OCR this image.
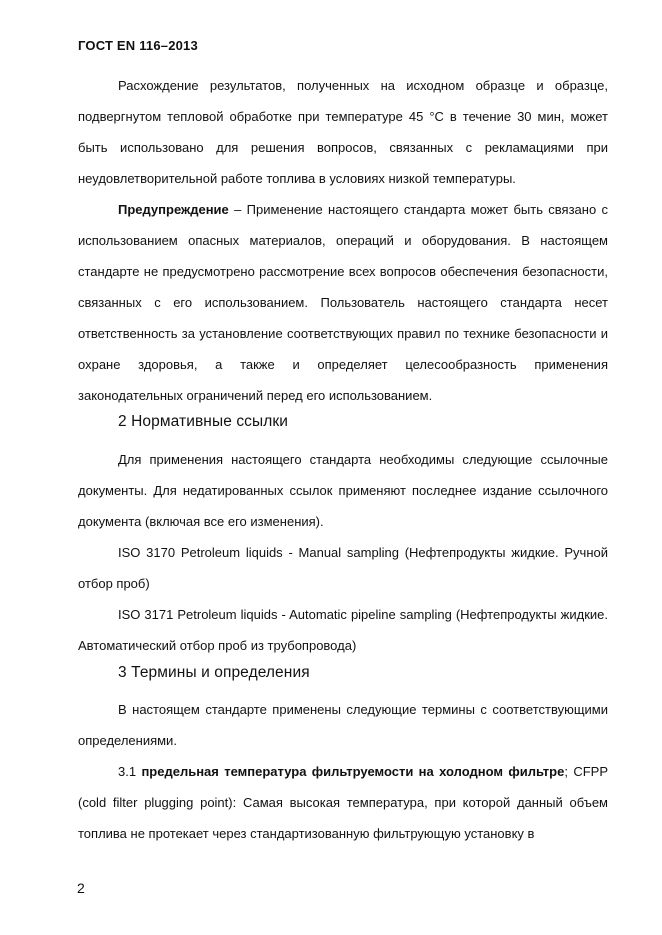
ГОСТ EN 116–2013

Расхождение результатов, полученных на исходном образце и образце, подвергнутом тепловой обработке при температуре 45 °С в течение 30 мин, может быть использовано для решения вопросов, связанных с рекламациями при неудовлетворительной работе топлива в условиях низкой температуры.

Предупреждение – Применение настоящего стандарта может быть связано с использованием опасных материалов, операций и оборудования. В настоящем стандарте не предусмотрено рассмотрение всех вопросов обеспечения безопасности, связанных с его использованием. Пользователь настоящего стандарта несет ответственность за установление соответствующих правил по технике безопасности и охране здоровья, а также и определяет целесообразность применения законодательных ограничений перед его использованием.

2 Нормативные ссылки

Для применения настоящего стандарта необходимы следующие ссылочные документы. Для недатированных ссылок применяют последнее издание ссылочного документа (включая все его изменения).

ISO 3170 Petroleum liquids - Manual sampling (Нефтепродукты жидкие. Ручной отбор проб)

ISO 3171 Petroleum liquids - Automatic pipeline sampling (Нефтепродукты жидкие. Автоматический отбор проб из трубопровода)

3 Термины и определения

В настоящем стандарте применены следующие термины с соответствующими определениями.

3.1 предельная температура фильтруемости на холодном фильтре; CFPP (cold filter plugging point): Самая высокая температура, при которой данный объем топлива не протекает через стандартизованную фильтрующую установку в

2
